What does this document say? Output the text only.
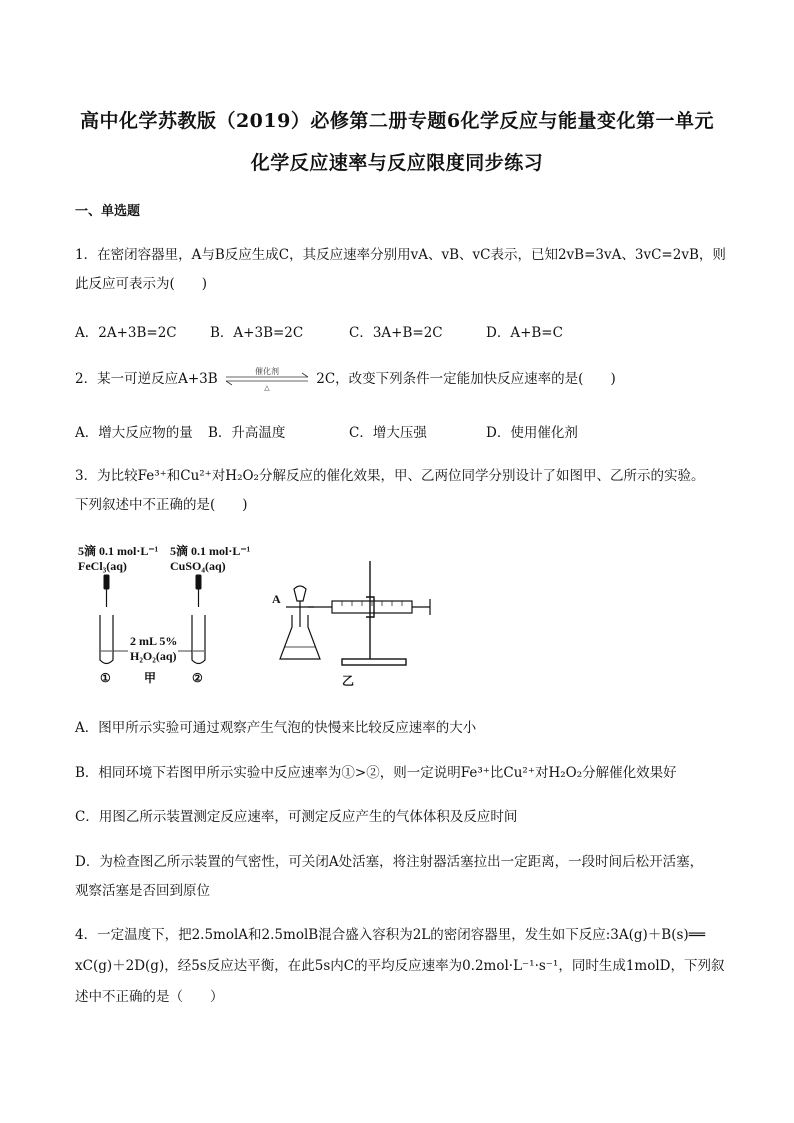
高中化学苏教版（2019）必修第二册专题6化学反应与能量变化第一单元
化学反应速率与反应限度同步练习
一、单选题
1．在密闭容器里，A与B反应生成C，其反应速率分别用vA、vB、vC表示，已知2vB=3vA、3vC=2vB，则
此反应可表示为(　　)
A．2A+3B=2C B．A+3B=2C	C．3A+B=2C	D．A+B=C
2．某一可逆反应A+3B	催化剂
△
2C，改变下列条件一定能加快反应速率的是(　　)
A．增大反应物的量 B．升高温度	C．增大压强	D．使用催化剂
3．为比较Fe³⁺和Cu²⁺对H₂O₂分解反应的催化效果，甲、乙两位同学分别设计了如图甲、乙所示的实验。
下列叙述中不正确的是(　　)
5滴 0.1 mol·L⁻¹
FeCl₃(aq)
5滴 0.1 mol·L⁻¹
CuSO₄(aq)
2 mL 5%
H₂O₂(aq)
①	甲	②
A
乙
A．图甲所示实验可通过观察产生气泡的快慢来比较反应速率的大小
B．相同环境下若图甲所示实验中反应速率为①>②，则一定说明Fe³⁺比Cu²⁺对H₂O₂分解催化效果好
C．用图乙所示装置测定反应速率，可测定反应产生的气体体积及反应时间
D．为检查图乙所示装置的气密性，可关闭A处活塞，将注射器活塞拉出一定距离，一段时间后松开活塞，
观察活塞是否回到原位
4．一定温度下，把2.5molA和2.5molB混合盛入容积为2L的密闭容器里，发生如下反应:3A(g)＋B(s)══
xC(g)＋2D(g)，经5s反应达平衡，在此5s内C的平均反应速率为0.2mol·L⁻¹·s⁻¹，同时生成1molD，下列叙
述中不正确的是（　　）
